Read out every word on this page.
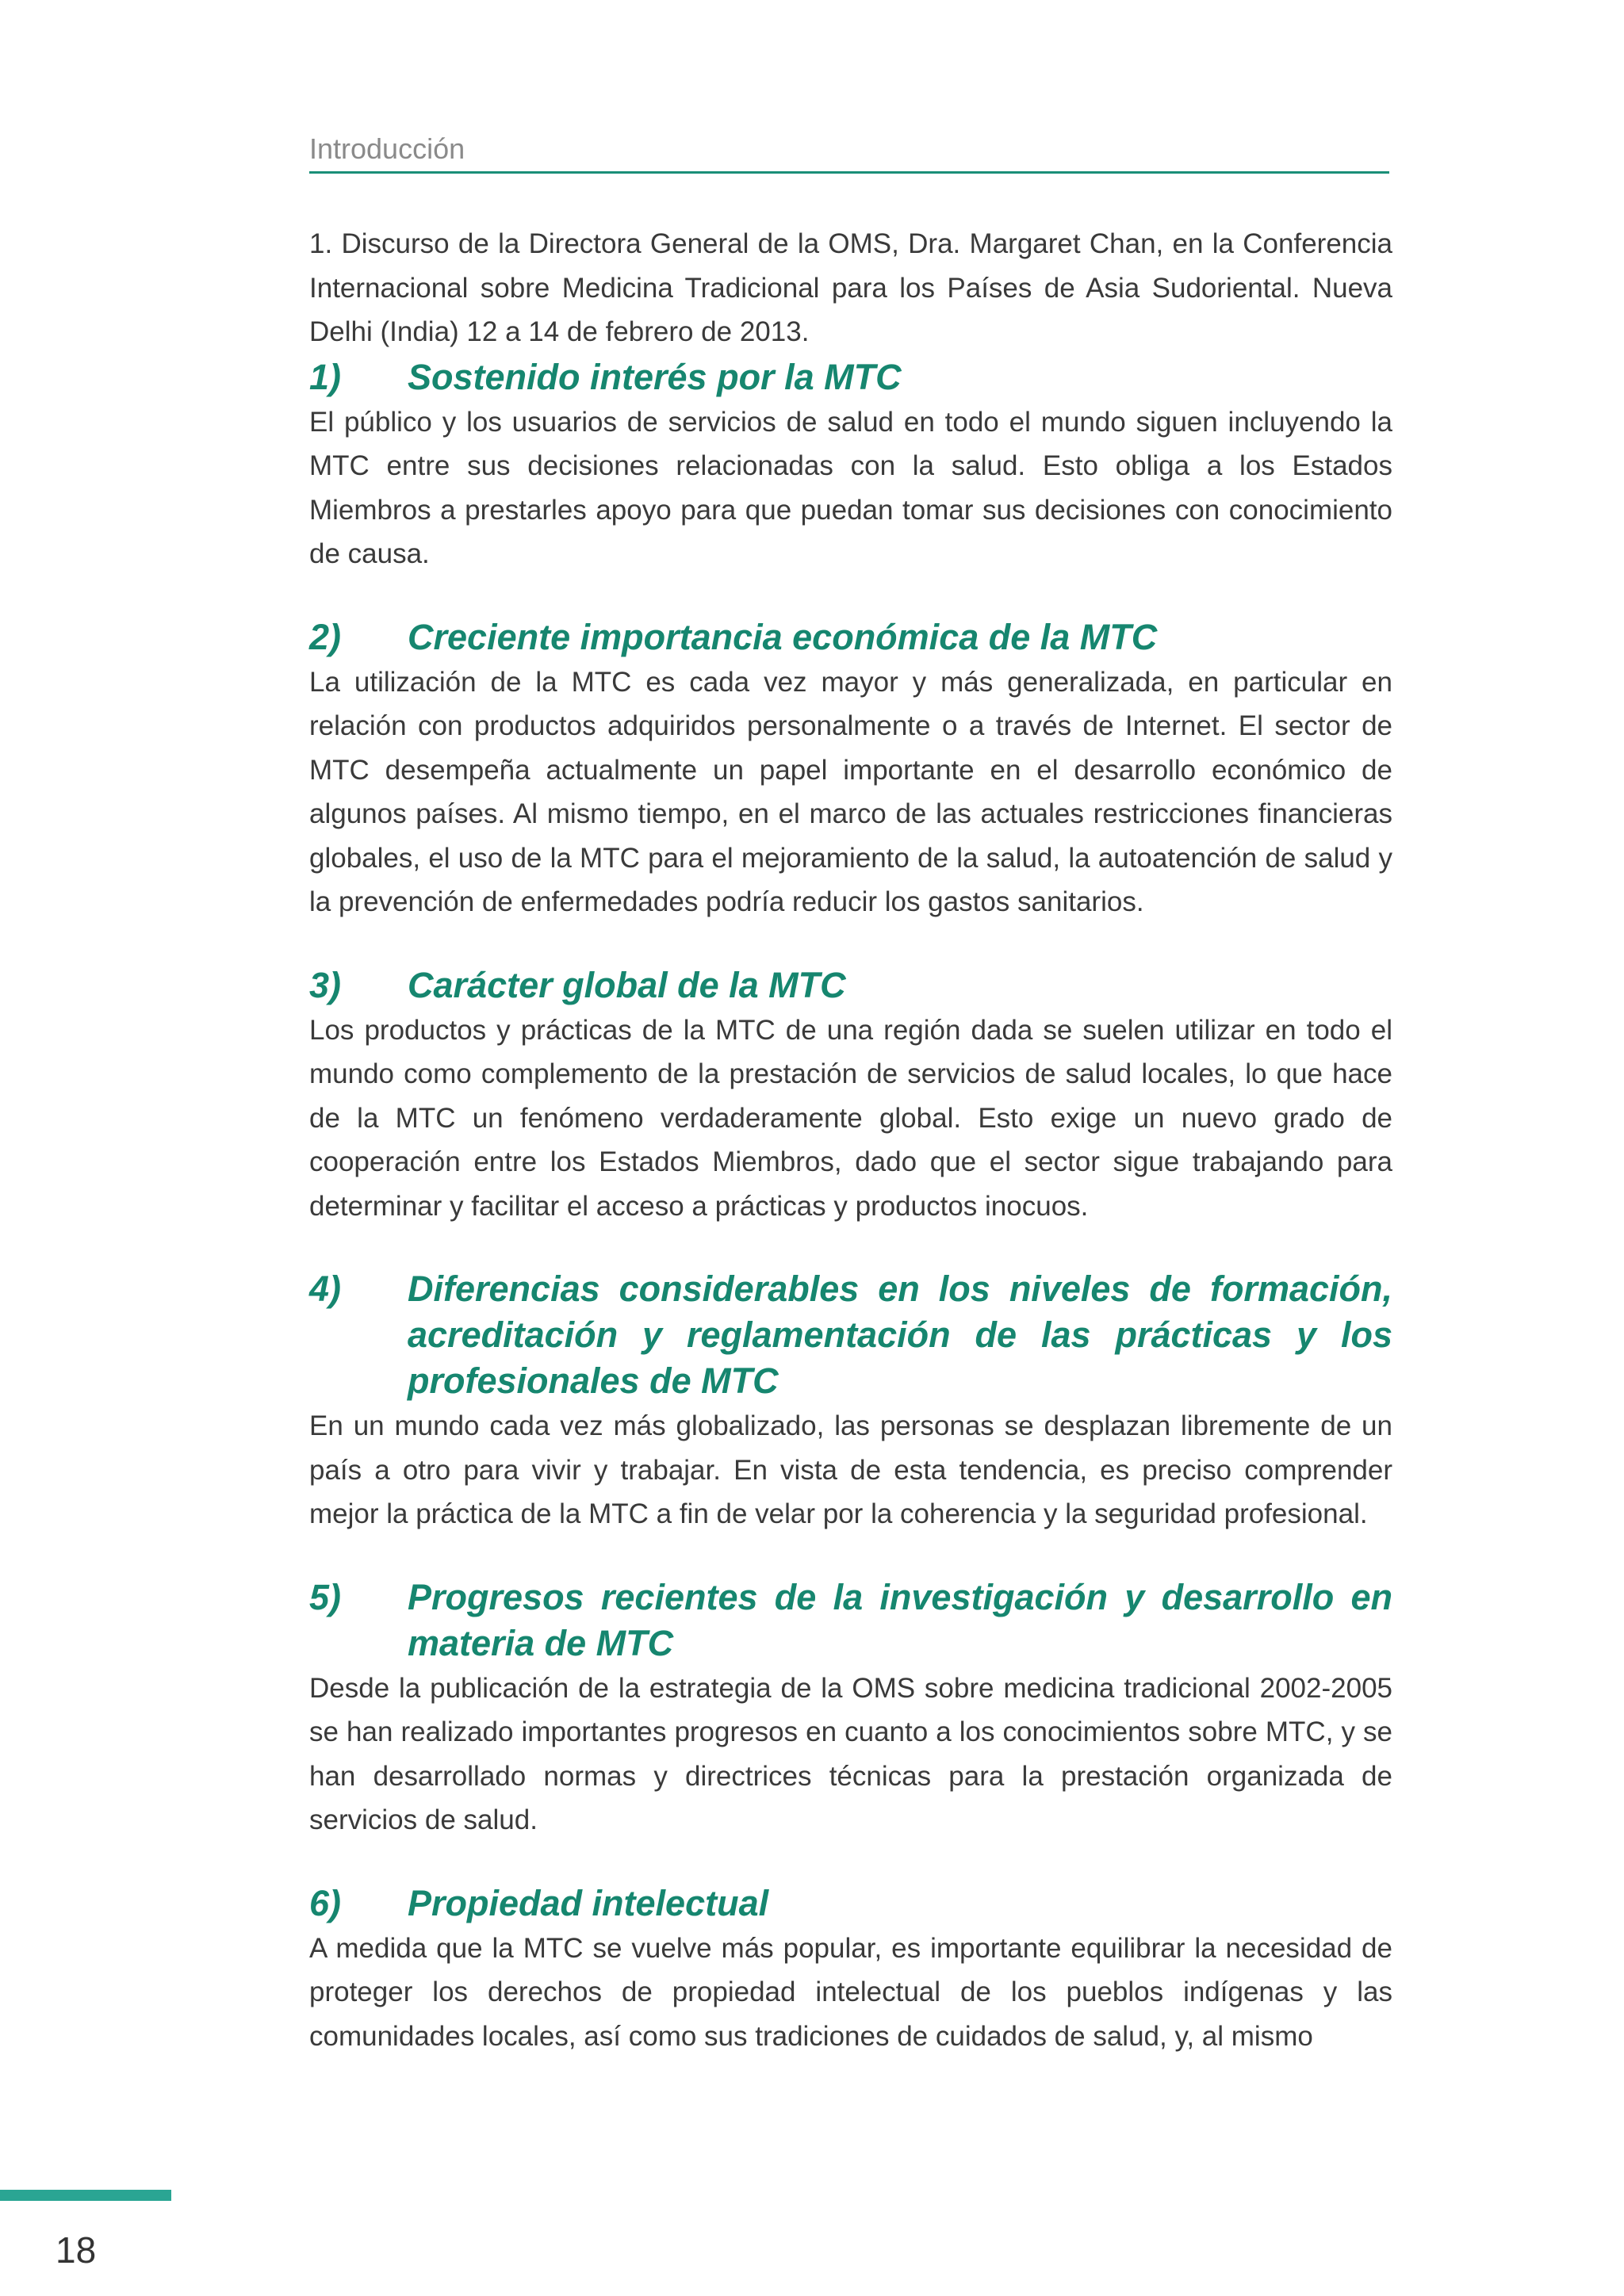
Introducción

1. Discurso de la Directora General de la OMS, Dra. Margaret Chan, en la Conferencia Internacional sobre Medicina Tradicional para los Países de Asia Sudoriental. Nueva Delhi (India) 12 a 14 de febrero de 2013.

1)	Sostenido interés por la MTC

El público y los usuarios de servicios de salud en todo el mundo siguen incluyendo la MTC entre sus decisiones relacionadas con la salud. Esto obliga a los Estados Miembros a prestarles apoyo para que puedan tomar sus decisiones con conocimiento de causa.

2)	Creciente importancia económica de la MTC

La utilización de la MTC es cada vez mayor y más generalizada, en particular en relación con productos adquiridos personalmente o a través de Internet. El sector de MTC desempeña actualmente un papel importante en el desarrollo económico de algunos países. Al mismo tiempo, en el marco de las actuales restricciones financieras globales, el uso de la MTC para el mejoramiento de la salud, la autoatención de salud y la prevención de enfermedades podría reducir los gastos sanitarios.

3)	Carácter global de la MTC

Los productos y prácticas de la MTC de una región dada se suelen utilizar en todo el mundo como complemento de la prestación de servicios de salud locales, lo que hace de la MTC un fenómeno verdaderamente global. Esto exige un nuevo grado de cooperación entre los Estados Miembros, dado que el sector sigue trabajando para determinar y facilitar el acceso a prácticas y productos inocuos.

4)	Diferencias considerables en los niveles de formación, acreditación y reglamentación de las prácticas y los profesionales de MTC

En un mundo cada vez más globalizado, las personas se desplazan libremente de un país a otro para vivir y trabajar. En vista de esta tendencia, es preciso comprender mejor la práctica de la MTC a fin de velar por la coherencia y la seguridad profesional.

5)	Progresos recientes de la investigación y desarrollo en materia de MTC

Desde la publicación de la estrategia de la OMS sobre medicina tradicional 2002-2005 se han realizado importantes progresos en cuanto a los conocimientos sobre MTC, y se han desarrollado normas y directrices técnicas para la prestación organizada de servicios de salud.

6)	Propiedad intelectual

A medida que la MTC se vuelve más popular, es importante equilibrar la necesidad de proteger los derechos de propiedad intelectual de los pueblos indígenas y las comunidades locales, así como sus tradiciones de cuidados de salud, y, al mismo

18
